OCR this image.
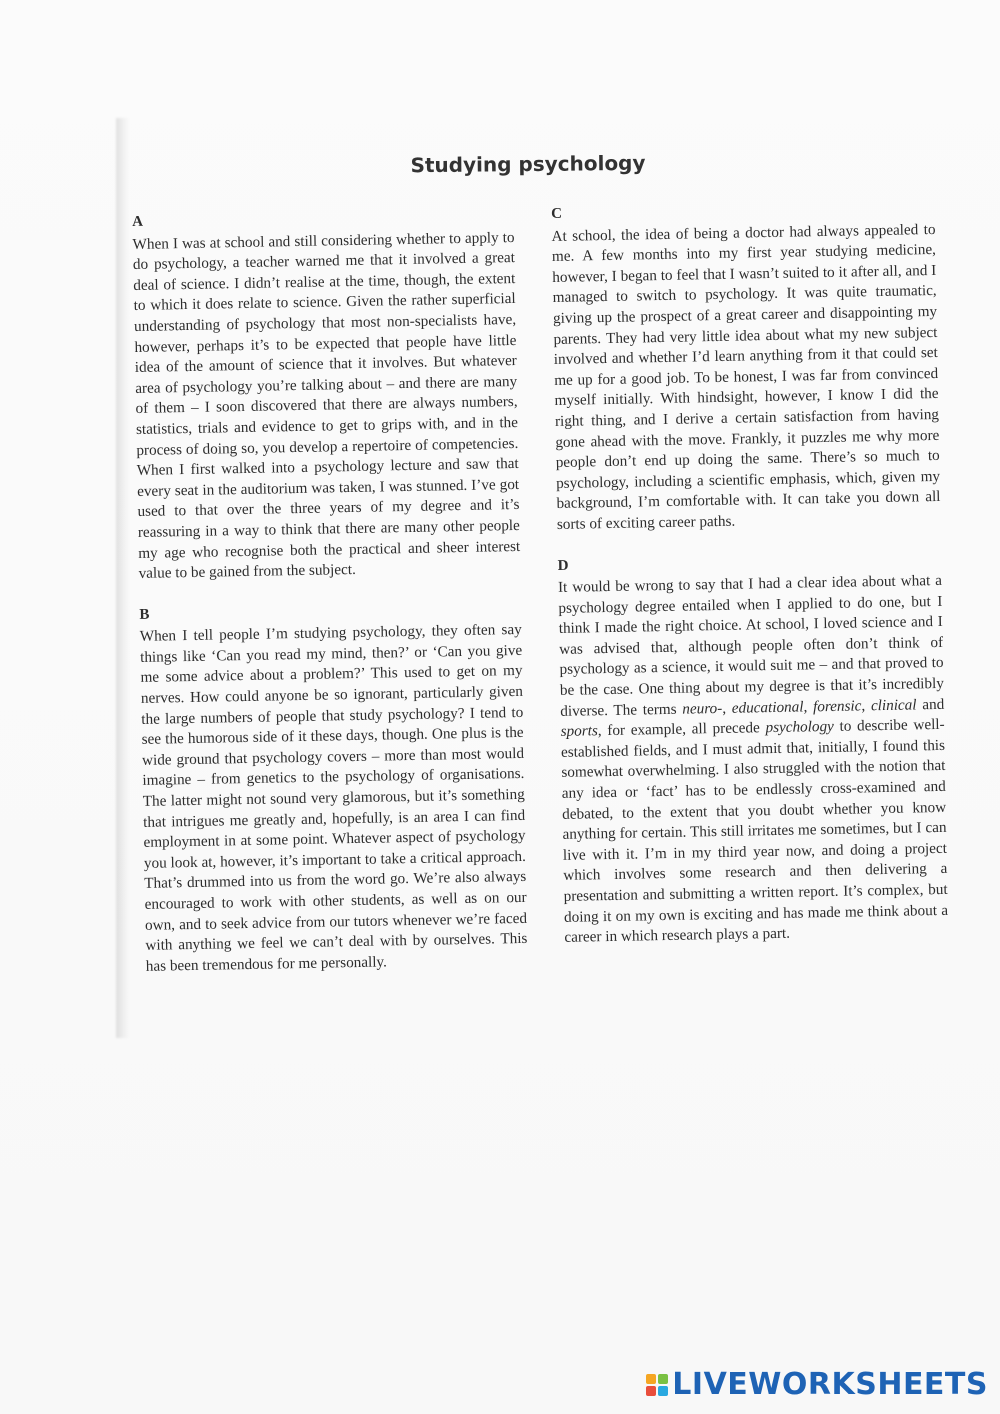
Studying psychology
A
When I was at school and still considering whether to apply to do psychology, a teacher warned me that it involved a great deal of science. I didn’t realise at the time, though, the extent to which it does relate to science. Given the rather superficial understanding of psychology that most non-specialists have, however, perhaps it’s to be expected that people have little idea of the amount of science that it involves. But whatever area of psychology you’re talking about – and there are many of them – I soon discovered that there are always numbers, statistics, trials and evidence to get to grips with, and in the process of doing so, you develop a repertoire of competencies. When I first walked into a psychology lecture and saw that every seat in the auditorium was taken, I was stunned. I’ve got used to that over the three years of my degree and it’s reassuring in a way to think that there are many other people my age who recognise both the practical and sheer interest value to be gained from the subject.
B
When I tell people I’m studying psychology, they often say things like ‘Can you read my mind, then?’ or ‘Can you give me some advice about a problem?’ This used to get on my nerves. How could anyone be so ignorant, particularly given the large numbers of people that study psychology? I tend to see the humorous side of it these days, though. One plus is the wide ground that psychology covers – more than most would imagine – from genetics to the psychology of organisations. The latter might not sound very glamorous, but it’s something that intrigues me greatly and, hopefully, is an area I can find employment in at some point. Whatever aspect of psychology you look at, however, it’s important to take a critical approach. That’s drummed into us from the word go. We’re also always encouraged to work with other students, as well as on our own, and to seek advice from our tutors whenever we’re faced with anything we feel we can’t deal with by ourselves. This has been tremendous for me personally.
C
At school, the idea of being a doctor had always appealed to me. A few months into my first year studying medicine, however, I began to feel that I wasn’t suited to it after all, and I managed to switch to psychology. It was quite traumatic, giving up the prospect of a great career and disappointing my parents. They had very little idea about what my new subject involved and whether I’d learn anything from it that could set me up for a good job. To be honest, I was far from convinced myself initially. With hindsight, however, I know I did the right thing, and I derive a certain satisfaction from having gone ahead with the move. Frankly, it puzzles me why more people don’t end up doing the same. There’s so much to psychology, including a scientific emphasis, which, given my background, I’m comfortable with. It can take you down all sorts of exciting career paths.
D
It would be wrong to say that I had a clear idea about what a psychology degree entailed when I applied to do one, but I think I made the right choice. At school, I loved science and I was advised that, although people often don’t think of psychology as a science, it would suit me – and that proved to be the case. One thing about my degree is that it’s incredibly diverse. The terms neuro-, educational, forensic, clinical and sports, for example, all precede psychology to describe well-established fields, and I must admit that, initially, I found this somewhat overwhelming. I also struggled with the notion that any idea or ‘fact’ has to be endlessly cross-examined and debated, to the extent that you doubt whether you know anything for certain. This still irritates me sometimes, but I can live with it. I’m in my third year now, and doing a project which involves some research and then delivering a presentation and submitting a written report. It’s complex, but doing it on my own is exciting and has made me think about a career in which research plays a part.
LIVEWORKSHEETS
